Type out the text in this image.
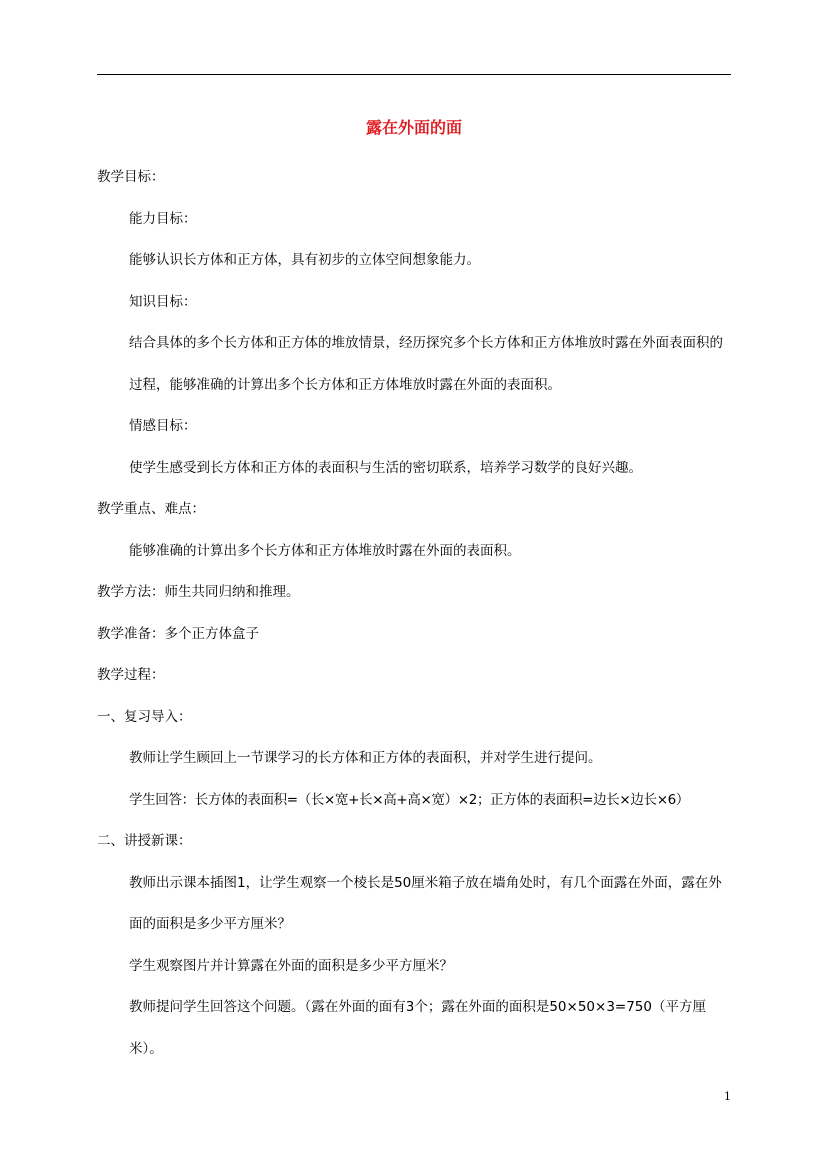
露在外面的面

教学目标：

能力目标：

能够认识长方体和正方体，具有初步的立体空间想象能力。

知识目标：

结合具体的多个长方体和正方体的堆放情景，经历探究多个长方体和正方体堆放时露在外面表面积的过程，能够准确的计算出多个长方体和正方体堆放时露在外面的表面积。

情感目标：

使学生感受到长方体和正方体的表面积与生活的密切联系，培养学习数学的良好兴趣。

教学重点、难点：

能够准确的计算出多个长方体和正方体堆放时露在外面的表面积。

教学方法：师生共同归纳和推理。

教学准备：多个正方体盒子

教学过程：

一、复习导入：

教师让学生顾回上一节课学习的长方体和正方体的表面积，并对学生进行提问。

学生回答：长方体的表面积=（长×宽+长×高+高×宽）×2；正方体的表面积=边长×边长×6）

二、讲授新课：

教师出示课本插图1，让学生观察一个棱长是50厘米箱子放在墙角处时，有几个面露在外面，露在外面的面积是多少平方厘米？

学生观察图片并计算露在外面的面积是多少平方厘米？

教师提问学生回答这个问题。（露在外面的面有3个；露在外面的面积是50×50×3=750（平方厘米）。

1
